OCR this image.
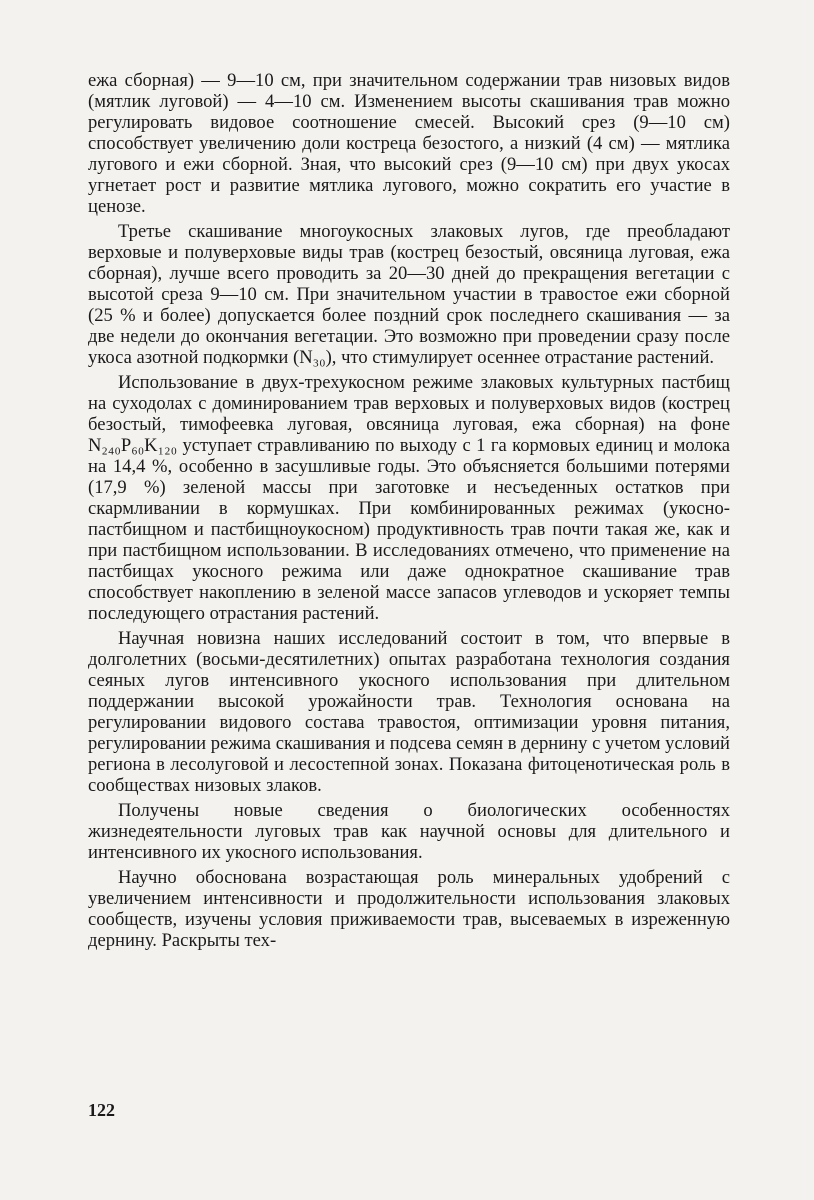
ежа сборная) — 9—10 см, при значительном содержании трав низовых видов (мятлик луговой) — 4—10 см. Изменением высоты скашивания трав можно регулировать видовое соотношение смесей. Высокий срез (9—10 см) способствует увеличению доли костреца безостого, а низкий (4 см) — мятлика лугового и ежи сборной. Зная, что высокий срез (9—10 см) при двух укосах угнетает рост и развитие мятлика лугового, можно сократить его участие в ценозе.

Третье скашивание многоукосных злаковых лугов, где преобладают верховые и полуверховые виды трав (кострец безостый, овсяница луговая, ежа сборная), лучше всего проводить за 20—30 дней до прекращения вегетации с высотой среза 9—10 см. При значительном участии в травостое ежи сборной (25 % и более) допускается более поздний срок последнего скашивания — за две недели до окончания вегетации. Это возможно при проведении сразу после укоса азотной подкормки (N₃₀), что стимулирует осеннее отрастание растений.

Использование в двух-трехукосном режиме злаковых культурных пастбищ на суходолах с доминированием трав верховых и полуверховых видов (кострец безостый, тимофеевка луговая, овсяница луговая, ежа сборная) на фоне N₂₄₀P₆₀K₁₂₀ уступает стравливанию по выходу с 1 га кормовых единиц и молока на 14,4 %, особенно в засушливые годы. Это объясняется большими потерями (17,9 %) зеленой массы при заготовке и несъеденных остатков при скармливании в кормушках. При комбинированных режимах (укосно-пастбищном и пастбищноукосном) продуктивность трав почти такая же, как и при пастбищном использовании. В исследованиях отмечено, что применение на пастбищах укосного режима или даже однократное скашивание трав способствует накоплению в зеленой массе запасов углеводов и ускоряет темпы последующего отрастания растений.

Научная новизна наших исследований состоит в том, что впервые в долголетних (восьми-десятилетних) опытах разработана технология создания сеяных лугов интенсивного укосного использования при длительном поддержании высокой урожайности трав. Технология основана на регулировании видового состава травостоя, оптимизации уровня питания, регулировании режима скашивания и подсева семян в дернину с учетом условий региона в лесолуговой и лесостепной зонах. Показана фитоценотическая роль в сообществах низовых злаков.

Получены новые сведения о биологических особенностях жизнедеятельности луговых трав как научной основы для длительного и интенсивного их укосного использования.

Научно обоснована возрастающая роль минеральных удобрений с увеличением интенсивности и продолжительности использования злаковых сообществ, изучены условия приживаемости трав, высеваемых в изреженную дернину. Раскрыты тех-

122
